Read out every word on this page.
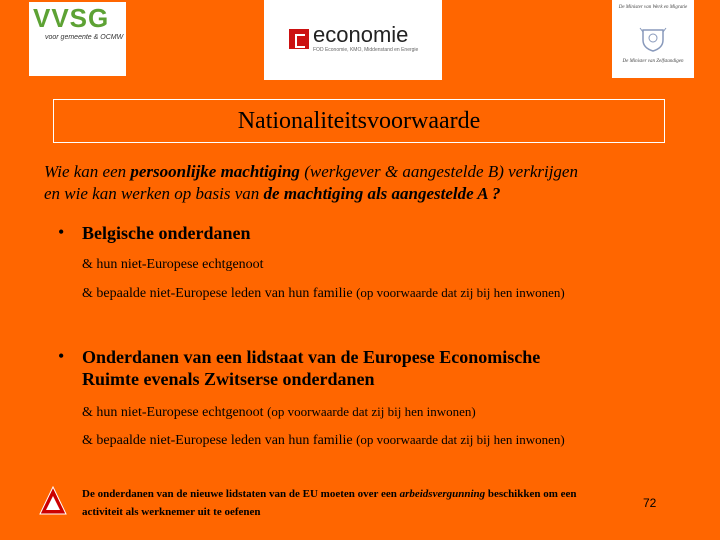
VVSG
voor gemeente & OCMW	economie
FOD Economie, KMO, Middenstand en Energie
De Minister van Werk en Migratie
De Minister van Zelfstandigen
Nationaliteitsvoorwaarde
Wie kan een persoonlijke machtiging (werkgever & aangestelde B) verkrijgen
en wie kan werken op basis van de machtiging als aangestelde A ?
• Belgische onderdanen
& hun niet-Europese echtgenoot
& bepaalde niet-Europese leden van hun familie (op voorwaarde dat zij bij hen inwonen)
• Onderdanen van een lidstaat van de Europese Economische
Ruimte evenals Zwitserse onderdanen
& hun niet-Europese echtgenoot (op voorwaarde dat zij bij hen inwonen)
& bepaalde niet-Europese leden van hun familie (op voorwaarde dat zij bij hen inwonen)
De onderdanen van de nieuwe lidstaten van de EU moeten over een arbeidsvergunning beschikken om een activiteit als werknemer uit te oefenen
72
